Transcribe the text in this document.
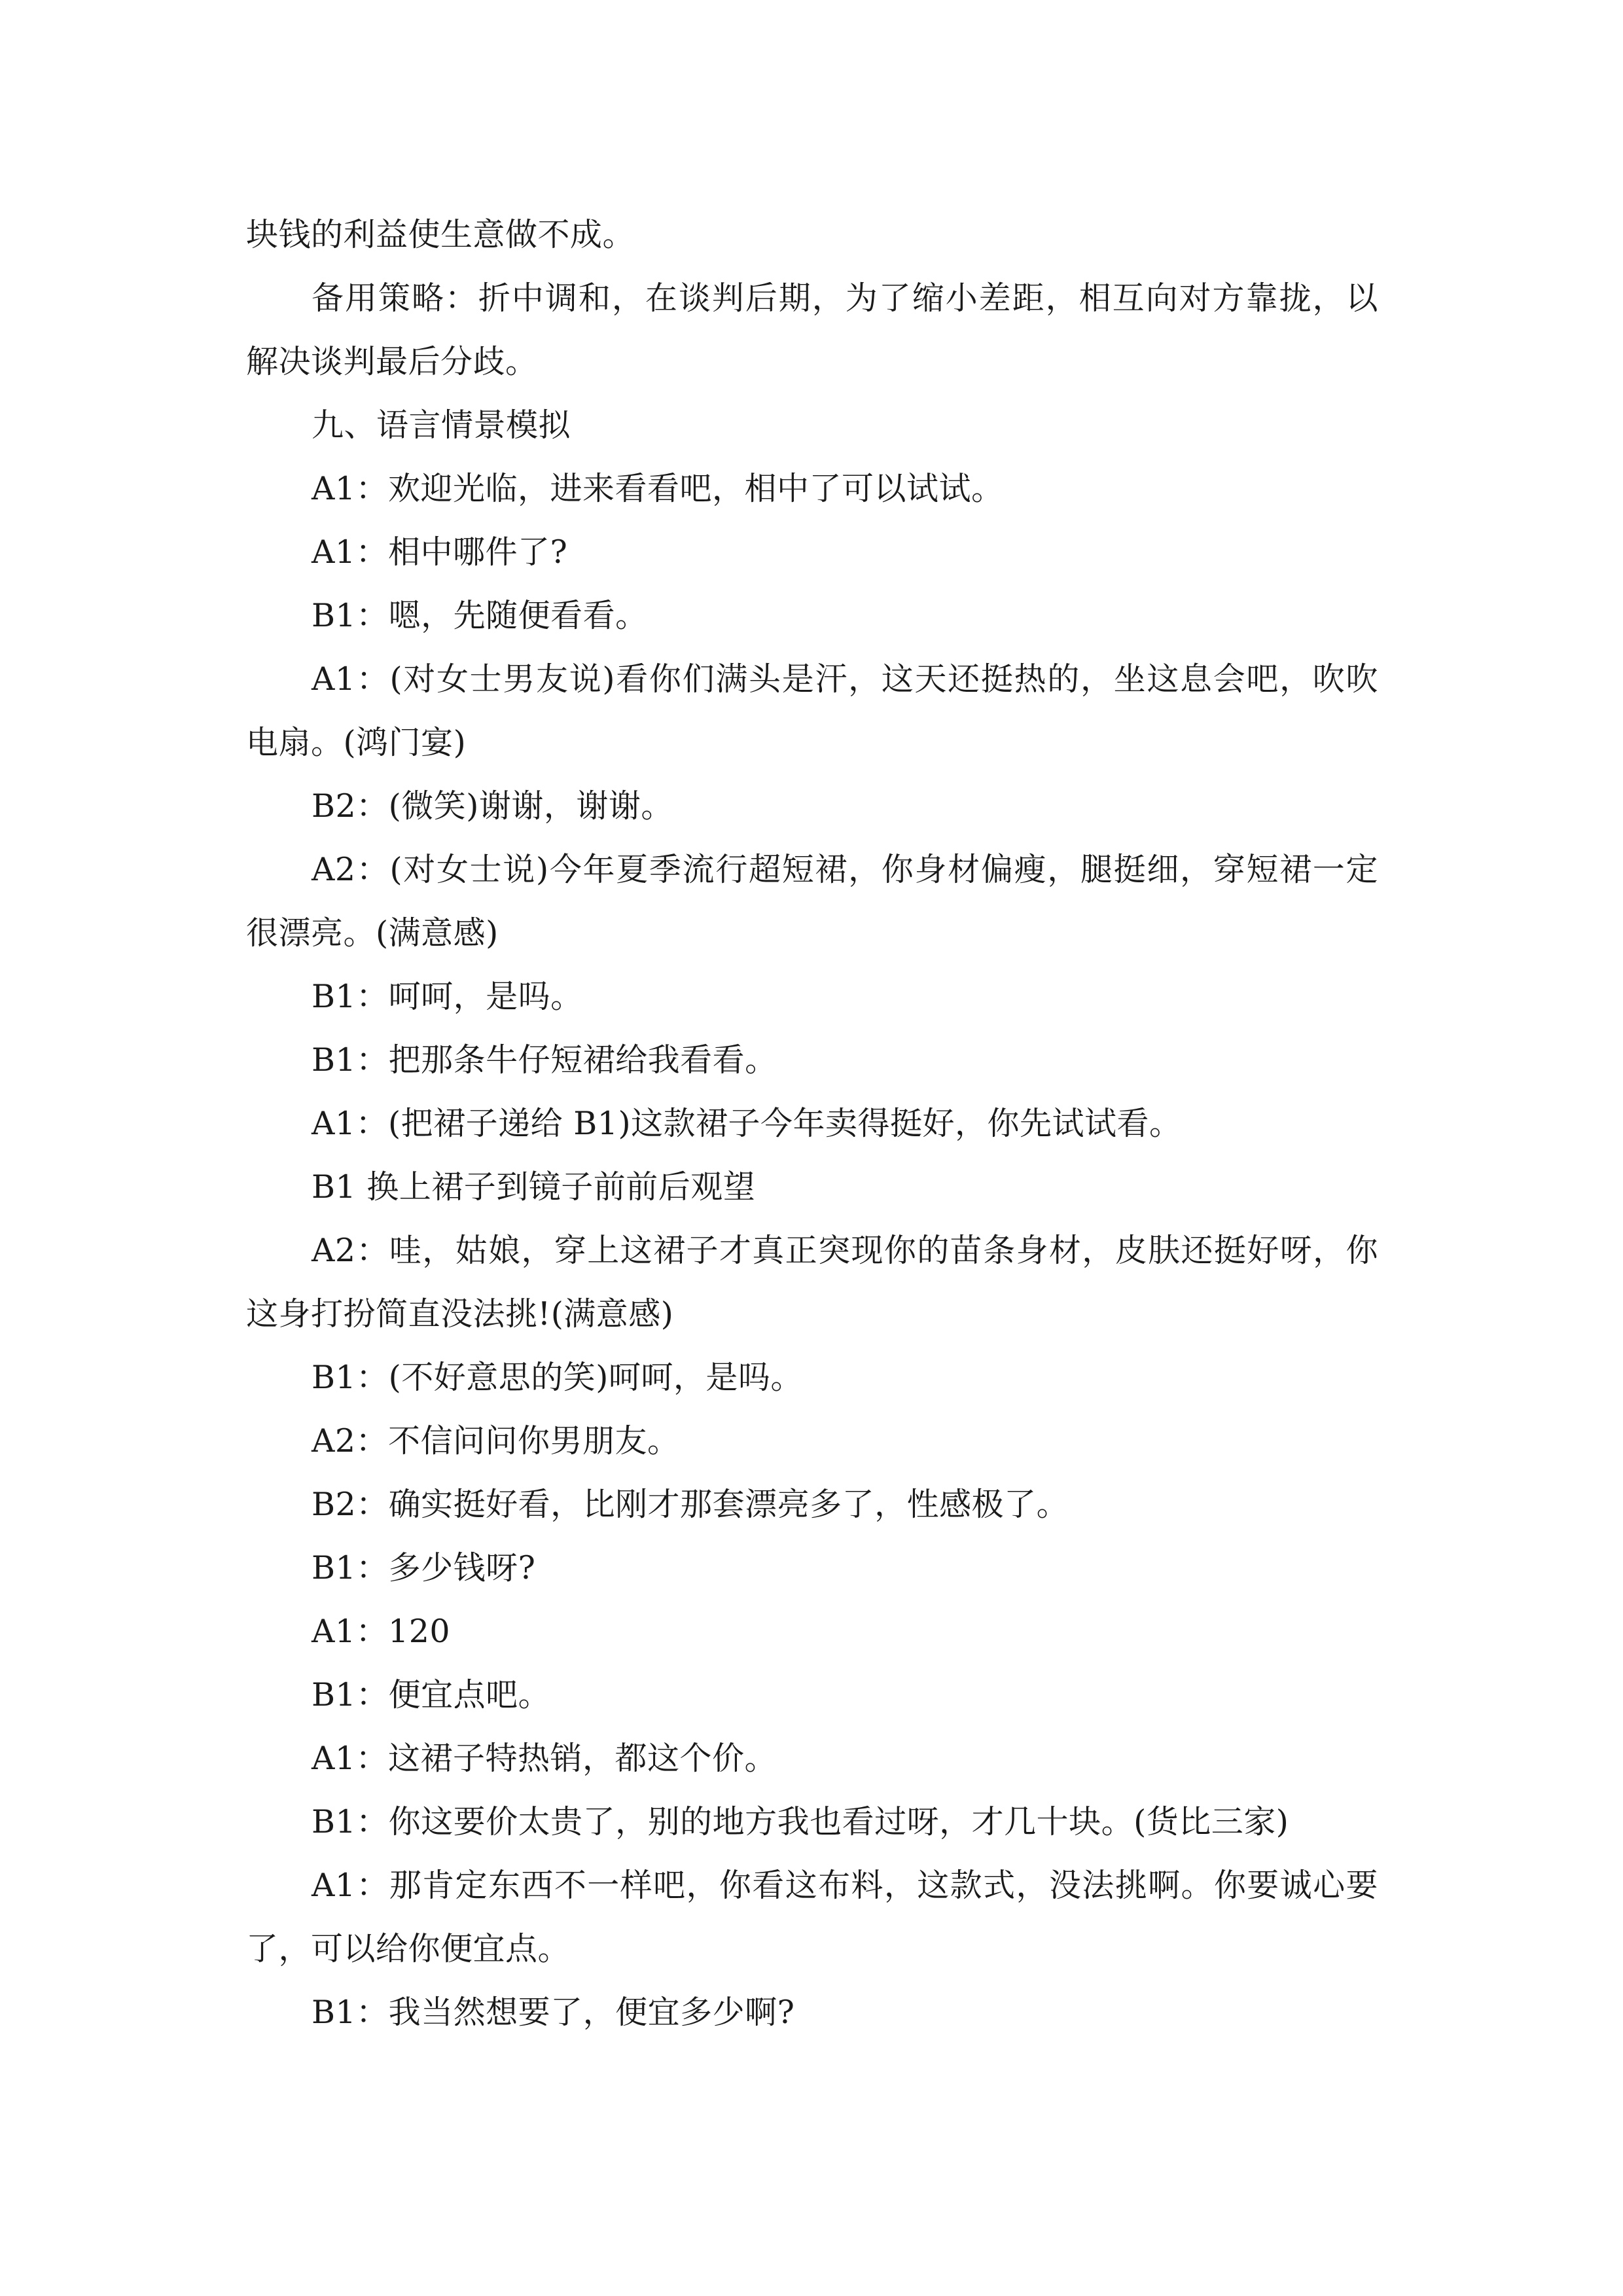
块钱的利益使生意做不成。

备用策略：折中调和，在谈判后期，为了缩小差距，相互向对方靠拢，以解决谈判最后分歧。

九、语言情景模拟

A1：欢迎光临，进来看看吧，相中了可以试试。

A1：相中哪件了?

B1：嗯，先随便看看。

A1：(对女士男友说)看你们满头是汗，这天还挺热的，坐这息会吧，吹吹电扇。(鸿门宴)

B2：(微笑)谢谢，谢谢。

A2：(对女士说)今年夏季流行超短裙，你身材偏瘦，腿挺细，穿短裙一定很漂亮。(满意感)

B1：呵呵，是吗。

B1：把那条牛仔短裙给我看看。

A1：(把裙子递给 B1)这款裙子今年卖得挺好，你先试试看。

B1 换上裙子到镜子前前后观望

A2：哇，姑娘，穿上这裙子才真正突现你的苗条身材，皮肤还挺好呀，你这身打扮简直没法挑!(满意感)

B1：(不好意思的笑)呵呵，是吗。

A2：不信问问你男朋友。

B2：确实挺好看，比刚才那套漂亮多了，性感极了。

B1：多少钱呀?

A1：120

B1：便宜点吧。

A1：这裙子特热销，都这个价。

B1：你这要价太贵了，别的地方我也看过呀，才几十块。(货比三家)

A1：那肯定东西不一样吧，你看这布料，这款式，没法挑啊。你要诚心要了，可以给你便宜点。

B1：我当然想要了，便宜多少啊?
